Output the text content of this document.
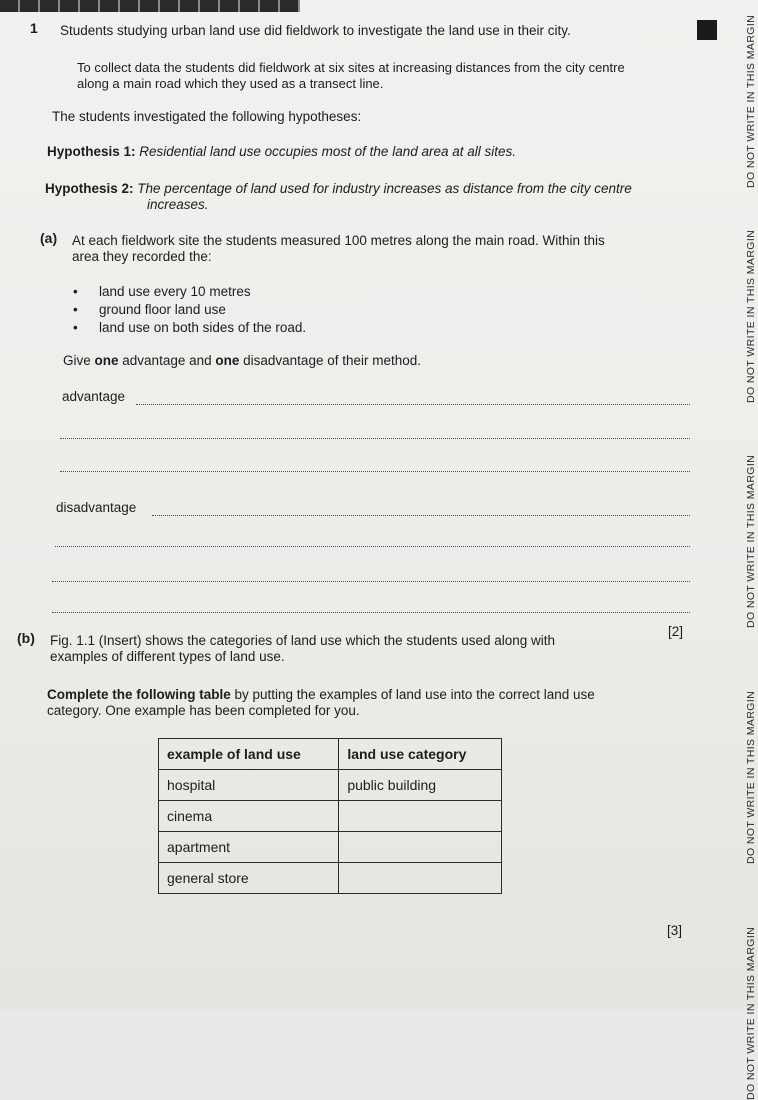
1 Students studying urban land use did fieldwork to investigate the land use in their city.
To collect data the students did fieldwork at six sites at increasing distances from the city centre
along a main road which they used as a transect line.
The students investigated the following hypotheses:
Hypothesis 1: Residential land use occupies most of the land area at all sites.
Hypothesis 2: The percentage of land used for industry increases as distance from the city centre
increases.
(a) At each fieldwork site the students measured 100 metres along the main road. Within this
area they recorded the:
• land use every 10 metres
• ground floor land use
• land use on both sides of the road.
Give one advantage and one disadvantage of their method.
advantage
disadvantage
[2]
(b) Fig. 1.1 (Insert) shows the categories of land use which the students used along with
examples of different types of land use.
Complete the following table by putting the examples of land use into the correct land use
category. One example has been completed for you.
example of land use	land use category
hospital	public building
cinema	
apartment	
general store	
[3]
DO NOT WRITE IN THIS MARGIN
DO NOT WRITE IN THIS MARGIN
DO NOT WRITE IN THIS MARGIN
DO NOT WRITE IN THIS MARGIN
DO NOT WRITE IN THIS MARGIN
